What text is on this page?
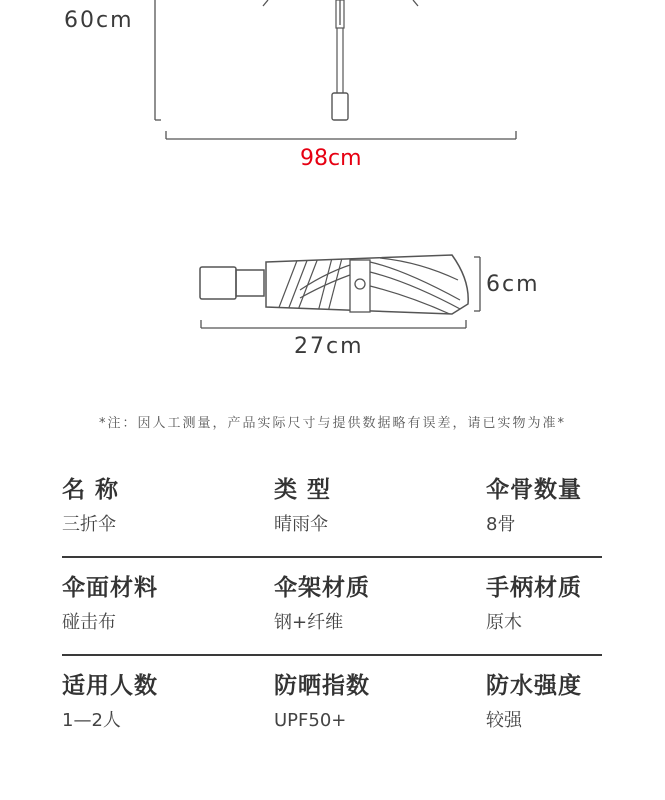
60cm
98cm
6cm
27cm
*注：因人工测量，产品实际尺寸与提供数据略有误差，请已实物为准*
名 称
三折伞
类 型
晴雨伞
伞骨数量
8骨
伞面材料
碰击布
伞架材质
钢+纤维
手柄材质
原木
适用人数
1—2人
防晒指数
UPF50+
防水强度
较强
